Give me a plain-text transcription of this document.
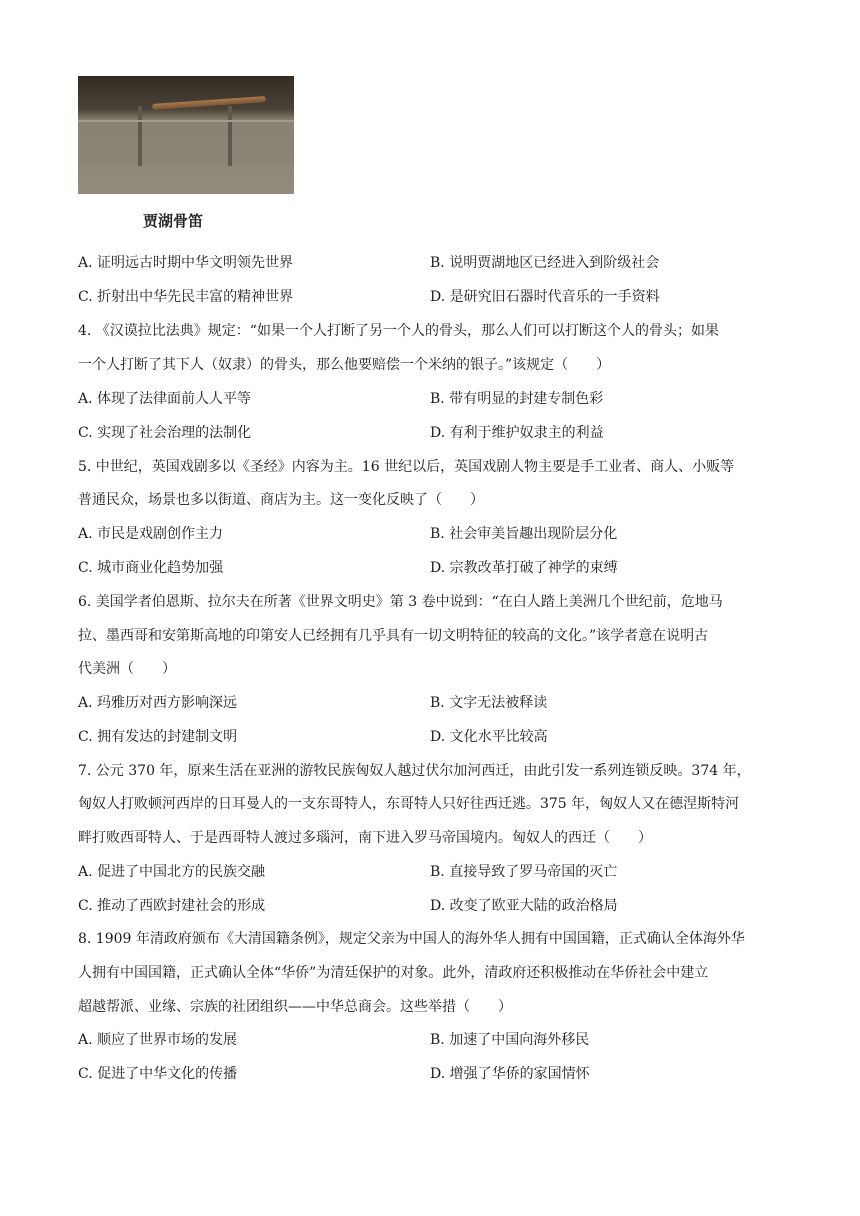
贾湖骨笛
A. 证明远古时期中华文明领先世界	B. 说明贾湖地区已经进入到阶级社会
C. 折射出中华先民丰富的精神世界	D. 是研究旧石器时代音乐的一手资料
4. 《汉谟拉比法典》规定：“如果一个人打断了另一个人的骨头，那么人们可以打断这个人的骨头；如果
一个人打断了其下人（奴隶）的骨头，那么他要赔偿一个米纳的银子。”该规定（　　）
A. 体现了法律面前人人平等	B. 带有明显的封建专制色彩
C. 实现了社会治理的法制化	D. 有利于维护奴隶主的利益
5. 中世纪，英国戏剧多以《圣经》内容为主。16 世纪以后，英国戏剧人物主要是手工业者、商人、小贩等
普通民众，场景也多以街道、商店为主。这一变化反映了（　　）
A. 市民是戏剧创作主力	B. 社会审美旨趣出现阶层分化
C. 城市商业化趋势加强	D. 宗教改革打破了神学的束缚
6. 美国学者伯恩斯、拉尔夫在所著《世界文明史》第 3 卷中说到：“在白人踏上美洲几个世纪前，危地马
拉、墨西哥和安第斯高地的印第安人已经拥有几乎具有一切文明特征的较高的文化。”该学者意在说明古
代美洲（　　）
A. 玛雅历对西方影响深远	B. 文字无法被释读
C. 拥有发达的封建制文明	D. 文化水平比较高
7. 公元 370 年，原来生活在亚洲的游牧民族匈奴人越过伏尔加河西迁，由此引发一系列连锁反映。374 年，
匈奴人打败顿河西岸的日耳曼人的一支东哥特人，东哥特人只好往西迁逃。375 年，匈奴人又在德涅斯特河
畔打败西哥特人、于是西哥特人渡过多瑙河，南下进入罗马帝国境内。匈奴人的西迁（　　）
A. 促进了中国北方的民族交融	B. 直接导致了罗马帝国的灭亡
C. 推动了西欧封建社会的形成	D. 改变了欧亚大陆的政治格局
8. 1909 年清政府颁布《大清国籍条例》，规定父亲为中国人的海外华人拥有中国国籍，正式确认全体海外华
人拥有中国国籍，正式确认全体“华侨”为清廷保护的对象。此外，清政府还积极推动在华侨社会中建立
超越帮派、业缘、宗族的社团组织——中华总商会。这些举措（　　）
A. 顺应了世界市场的发展	B. 加速了中国向海外移民
C. 促进了中华文化的传播	D. 增强了华侨的家国情怀
